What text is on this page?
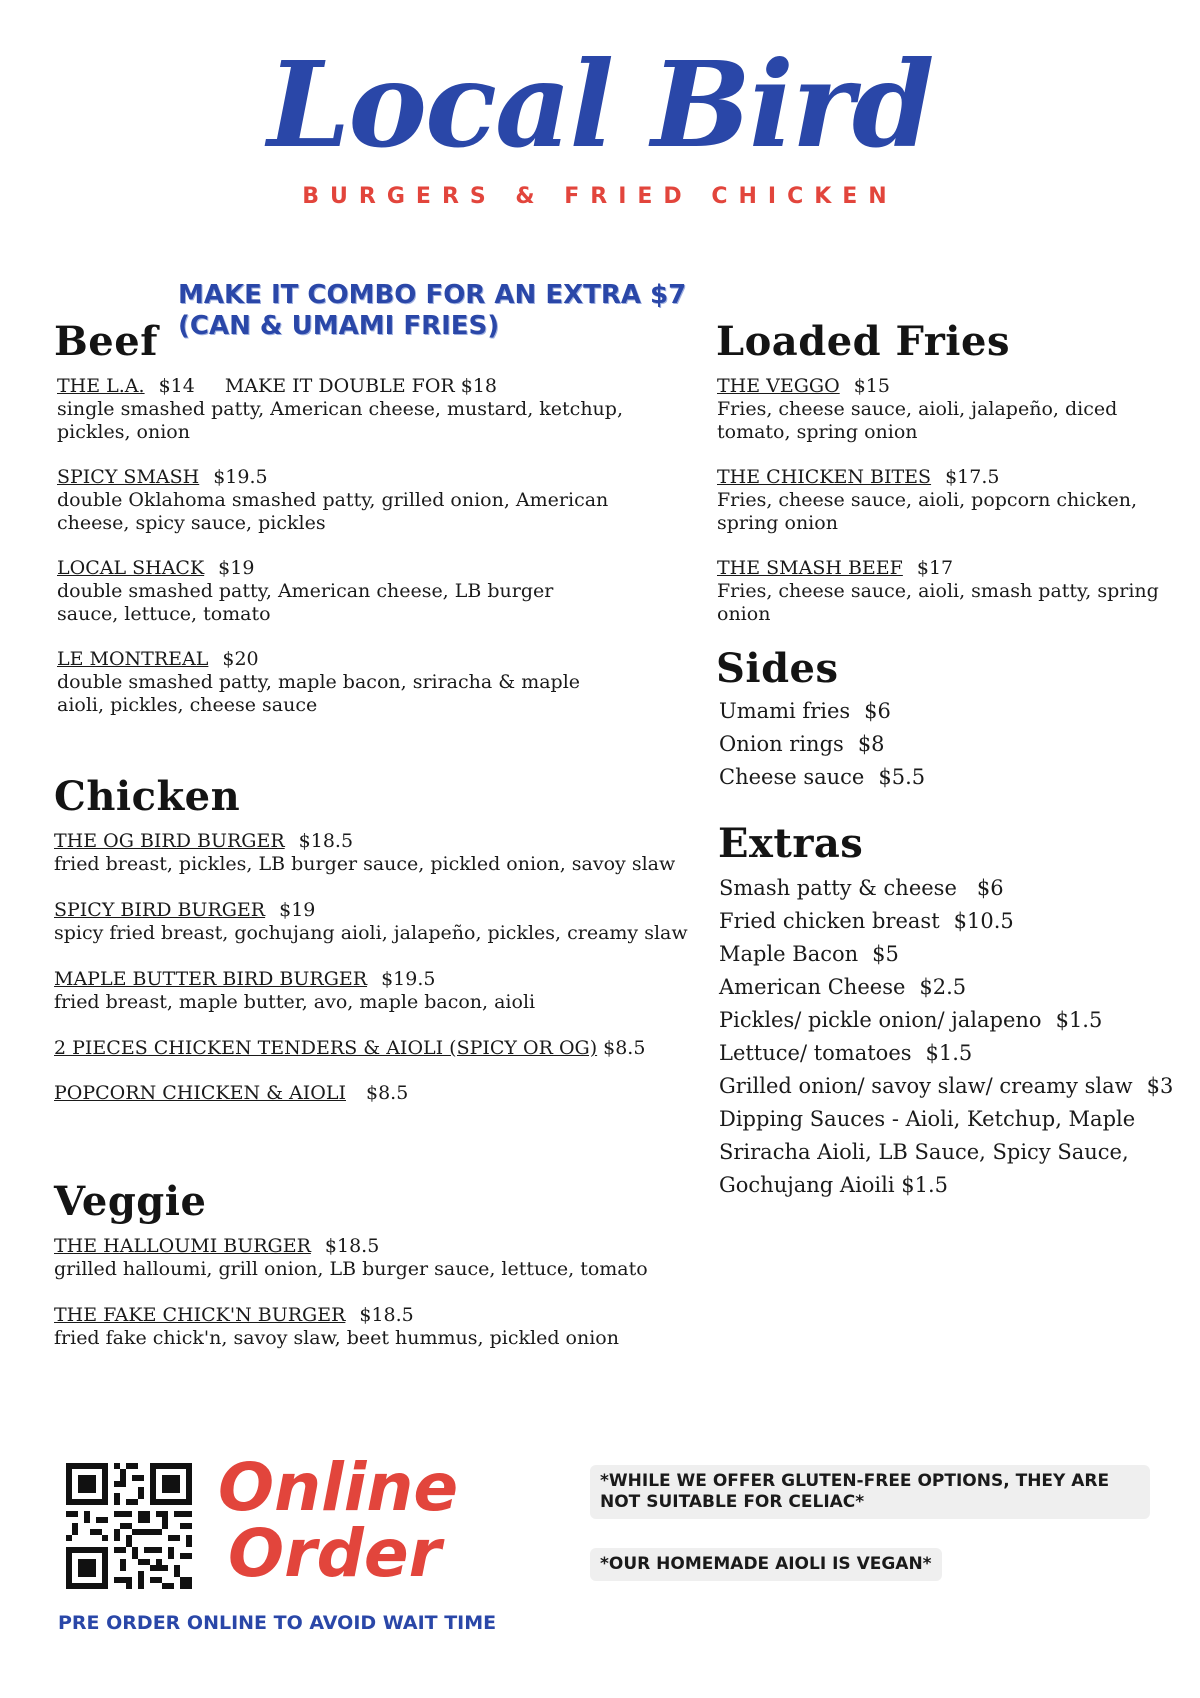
Local Bird
BURGERS & FRIED CHICKEN
MAKE IT COMBO FOR AN EXTRA $7
(CAN & UMAMI FRIES)
Beef
THE L.A. $14 MAKE IT DOUBLE FOR $18
single smashed patty, American cheese, mustard, ketchup, pickles, onion
SPICY SMASH $19.5
double Oklahoma smashed patty, grilled onion, American cheese, spicy sauce, pickles
LOCAL SHACK $19
double smashed patty, American cheese, LB burger sauce, lettuce, tomato
LE MONTREAL $20
double smashed patty, maple bacon, sriracha & maple aioli, pickles, cheese sauce
Chicken
THE OG BIRD BURGER $18.5
fried breast, pickles, LB burger sauce, pickled onion, savoy slaw
SPICY BIRD BURGER $19
spicy fried breast, gochujang aioli, jalapeño, pickles, creamy slaw
MAPLE BUTTER BIRD BURGER $19.5
fried breast, maple butter, avo, maple bacon, aioli
2 PIECES CHICKEN TENDERS & AIOLI (SPICY OR OG) $8.5
POPCORN CHICKEN & AIOLI $8.5
Veggie
THE HALLOUMI BURGER $18.5
grilled halloumi, grill onion, LB burger sauce, lettuce, tomato
THE FAKE CHICK'N BURGER $18.5
fried fake chick'n, savoy slaw, beet hummus, pickled onion
Loaded Fries
THE VEGGO $15
Fries, cheese sauce, aioli, jalapeño, diced tomato, spring onion
THE CHICKEN BITES $17.5
Fries, cheese sauce, aioli, popcorn chicken, spring onion
THE SMASH BEEF $17
Fries, cheese sauce, aioli, smash patty, spring onion
Sides
Umami fries $6
Onion rings $8
Cheese sauce $5.5
Extras
Smash patty & cheese $6
Fried chicken breast $10.5
Maple Bacon $5
American Cheese $2.5
Pickles/ pickle onion/ jalapeno $1.5
Lettuce/ tomatoes $1.5
Grilled onion/ savoy slaw/ creamy slaw $3
Dipping Sauces - Aioli, Ketchup, Maple
Sriracha Aioli, LB Sauce, Spicy Sauce,
Gochujang Aioili $1.5
Online
Order
PRE ORDER ONLINE TO AVOID WAIT TIME
*WHILE WE OFFER GLUTEN-FREE OPTIONS, THEY ARE NOT SUITABLE FOR CELIAC*
*OUR HOMEMADE AIOLI IS VEGAN*
